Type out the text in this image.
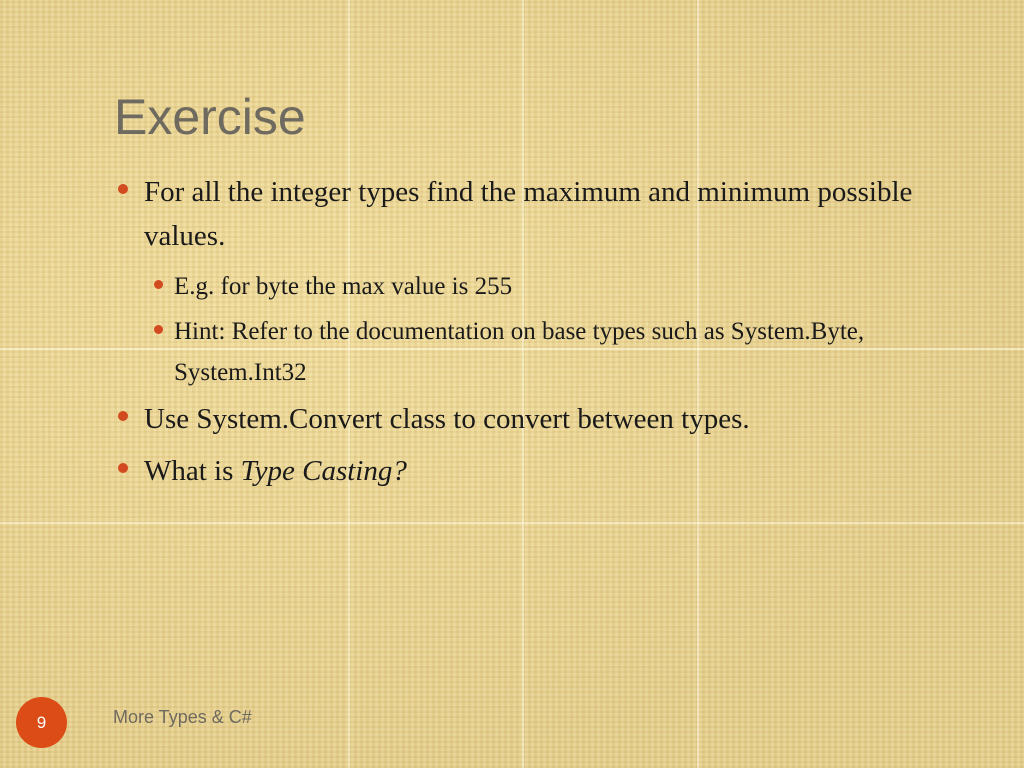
Exercise
For all the integer types find the maximum and minimum possible values.
E.g. for byte the max value is 255
Hint: Refer to the documentation on base types such as System.Byte, System.Int32
Use System.Convert class to convert between types.
What is Type Casting?
9	More Types & C#
